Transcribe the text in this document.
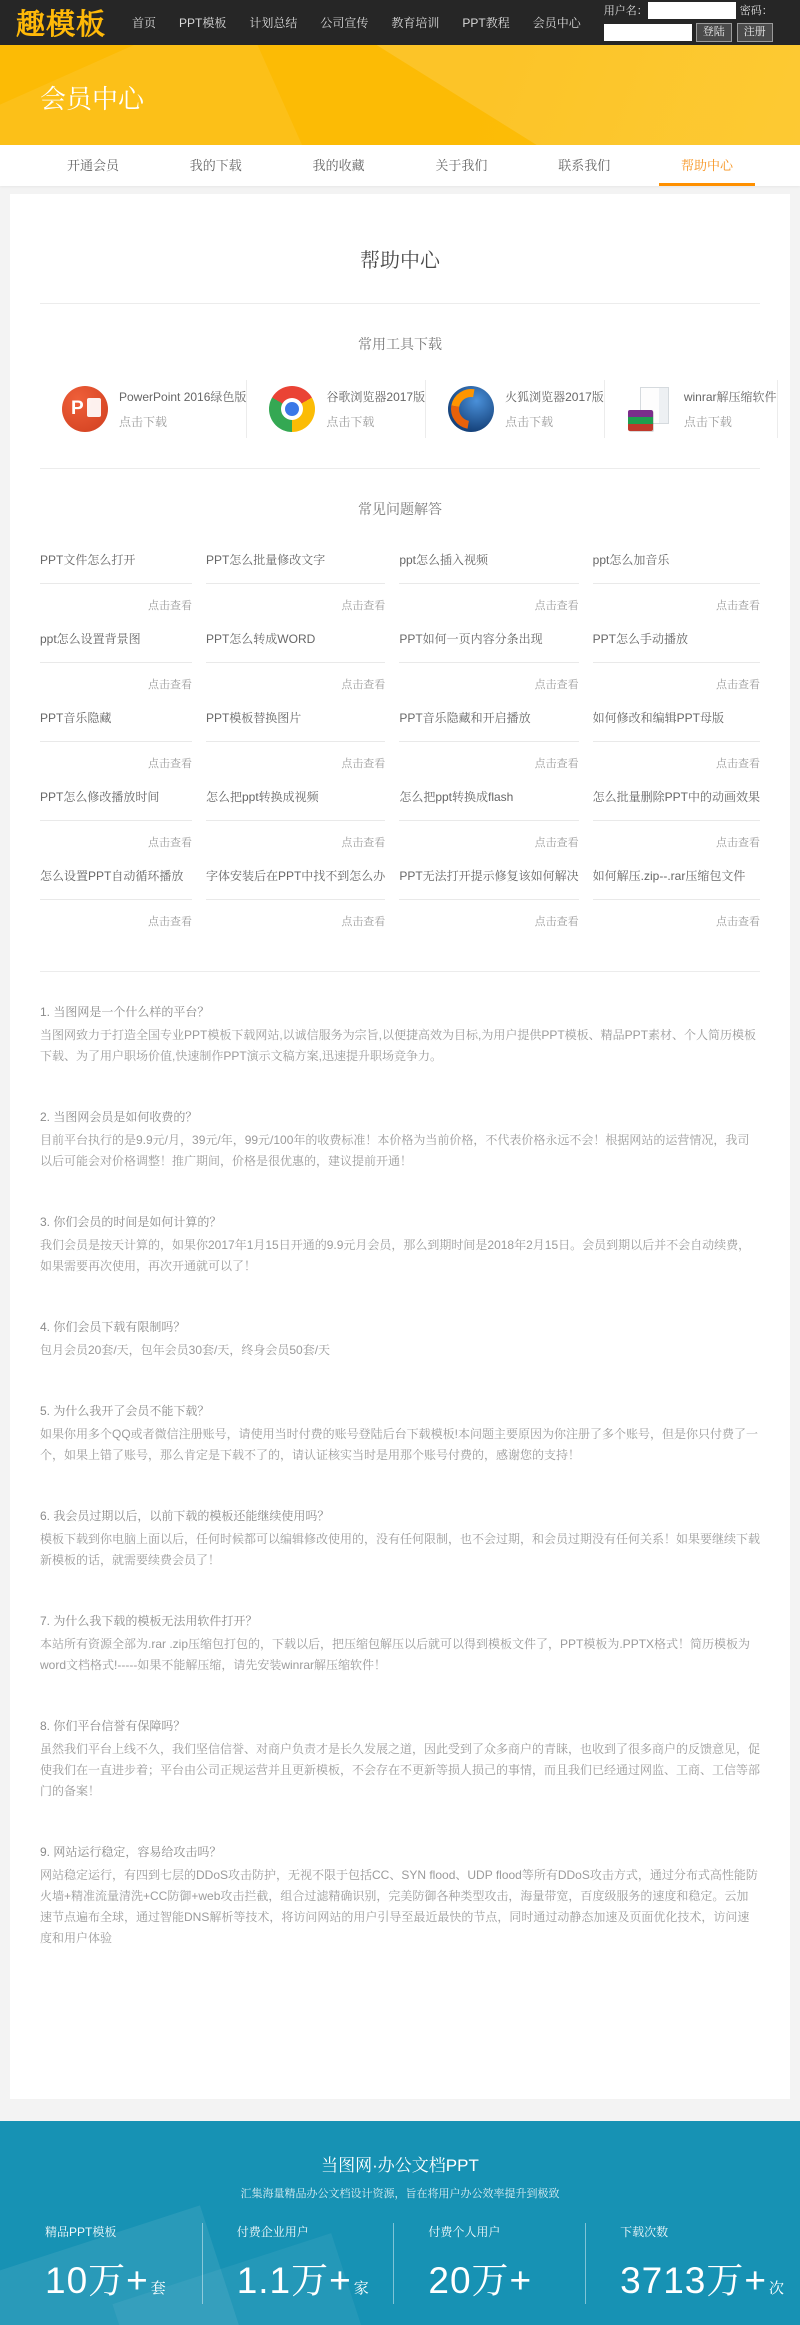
趣模板 首页 PPT模板 计划总结 公司宣传 教育培训 PPT教程 会员中心
用户名：	密码：
登陆	注册
会员中心
开通会员	我的下载	我的收藏	关于我们	联系我们	帮助中心
帮助中心
常用工具下载
P
PowerPoint 2016绿色版
点击下载
谷歌浏览器2017版
点击下载
火狐浏览器2017版
点击下载
winrar解压缩软件
点击下载
常见问题解答
PPT文件怎么打开
点击查看
PPT怎么批量修改文字
点击查看
ppt怎么插入视频
点击查看
ppt怎么加音乐
点击查看
ppt怎么设置背景图
点击查看
PPT怎么转成WORD
点击查看
PPT如何一页内容分条出现
点击查看
PPT怎么手动播放
点击查看
PPT音乐隐藏
点击查看
PPT模板替换图片
点击查看
PPT音乐隐藏和开启播放
点击查看
如何修改和编辑PPT母版
点击查看
PPT怎么修改播放时间
点击查看
怎么把ppt转换成视频
点击查看
怎么把ppt转换成flash
点击查看
怎么批量删除PPT中的动画效果
点击查看
怎么设置PPT自动循环播放
点击查看
字体安装后在PPT中找不到怎么办
点击查看
PPT无法打开提示修复该如何解决
点击查看
如何解压.zip--.rar压缩包文件
点击查看
1. 当图网是一个什么样的平台？
当图网致力于打造全国专业PPT模板下载网站,以诚信服务为宗旨,以便捷高效为目标,为用户提供PPT模板、精品PPT素材、个人简历模板下载、为了用户职场价值,快速制作PPT演示文稿方案,迅速提升职场竞争力。
2. 当图网会员是如何收费的？
目前平台执行的是9.9元/月，39元/年，99元/100年的收费标准！本价格为当前价格，不代表价格永远不会！根据网站的运营情况，我司以后可能会对价格调整！推广期间，价格是很优惠的，建议提前开通！
3. 你们会员的时间是如何计算的？
我们会员是按天计算的，如果你2017年1月15日开通的9.9元月会员，那么到期时间是2018年2月15日。会员到期以后并不会自动续费，如果需要再次使用，再次开通就可以了！
4. 你们会员下载有限制吗？
包月会员20套/天，包年会员30套/天，终身会员50套/天
5. 为什么我开了会员不能下载？
如果你用多个QQ或者微信注册账号，请使用当时付费的账号登陆后台下载模板!本问题主要原因为你注册了多个账号，但是你只付费了一个，如果上错了账号，那么肯定是下载不了的，请认证核实当时是用那个账号付费的，感谢您的支持！
6. 我会员过期以后，以前下载的模板还能继续使用吗？
模板下载到你电脑上面以后，任何时候都可以编辑修改使用的，没有任何限制，也不会过期，和会员过期没有任何关系！如果要继续下载新模板的话，就需要续费会员了！
7. 为什么我下载的模板无法用软件打开？
本站所有资源全部为.rar .zip压缩包打包的，下载以后，把压缩包解压以后就可以得到模板文件了，PPT模板为.PPTX格式！简历模板为word文档格式!-----如果不能解压缩，请先安装winrar解压缩软件！
8. 你们平台信誉有保障吗？
虽然我们平台上线不久，我们坚信信誉、对商户负责才是长久发展之道，因此受到了众多商户的青睐，也收到了很多商户的反馈意见，促使我们在一直进步着；平台由公司正规运营并且更新模板，不会存在不更新等损人损己的事情，而且我们已经通过网监、工商、工信等部门的备案！
9. 网站运行稳定，容易给攻击吗？
网站稳定运行，有四到七层的DDoS攻击防护，无视不限于包括CC、SYN flood、UDP flood等所有DDoS攻击方式，通过分布式高性能防火墙+精准流量清洗+CC防御+web攻击拦截，组合过滤精确识别，完美防御各种类型攻击，海量带宽，百度级服务的速度和稳定。云加速节点遍布全球，通过智能DNS解析等技术，将访问网站的用户引导至最近最快的节点，同时通过动静态加速及页面优化技术，访问速度和用户体验
当图网·办公文档PPT
汇集海量精品办公文档设计资源，旨在将用户办公效率提升到极致
精品PPT模板
10万+ 套
付费企业用户
1.1万+ 家
付费个人用户
20万+
下载次数
3713万+ 次
